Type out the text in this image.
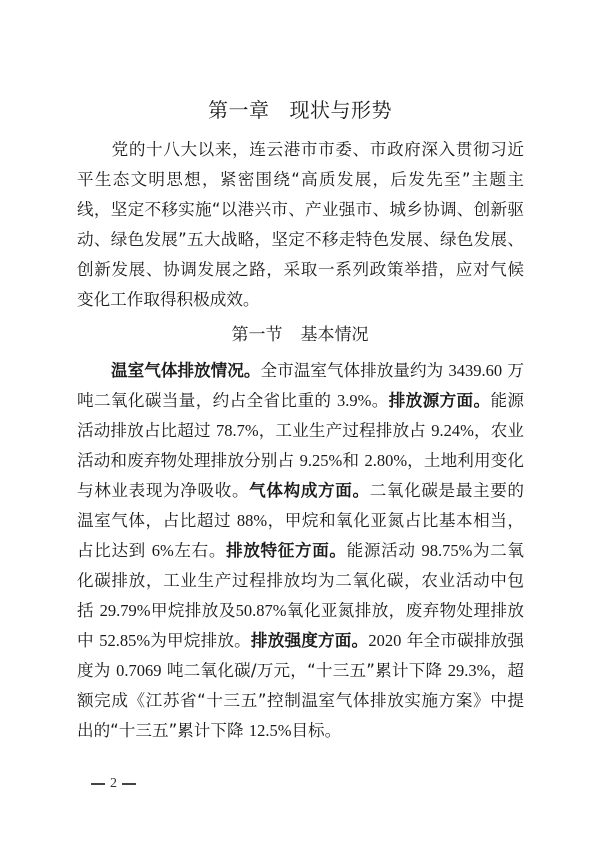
第一章 现状与形势

党的十八大以来，连云港市市委、市政府深入贯彻习近平生态文明思想，紧密围绕“高质发展，后发先至”主题主线，坚定不移实施“以港兴市、产业强市、城乡协调、创新驱动、绿色发展”五大战略，坚定不移走特色发展、绿色发展、创新发展、协调发展之路，采取一系列政策举措，应对气候变化工作取得积极成效。

第一节 基本情况

温室气体排放情况。全市温室气体排放量约为 3439.60 万吨二氧化碳当量，约占全省比重的 3.9%。排放源方面。能源活动排放占比超过 78.7%，工业生产过程排放占 9.24%，农业活动和废弃物处理排放分别占 9.25%和 2.80%，土地利用变化与林业表现为净吸收。气体构成方面。二氧化碳是最主要的温室气体，占比超过 88%，甲烷和氧化亚氮占比基本相当，占比达到 6%左右。排放特征方面。能源活动 98.75%为二氧化碳排放，工业生产过程排放均为二氧化碳，农业活动中包括 29.79%甲烷排放及50.87%氧化亚氮排放，废弃物处理排放中 52.85%为甲烷排放。排放强度方面。2020 年全市碳排放强度为 0.7069 吨二氧化碳/万元，“十三五”累计下降 29.3%，超额完成《江苏省“十三五”控制温室气体排放实施方案》中提出的“十三五”累计下降 12.5%目标。

2
